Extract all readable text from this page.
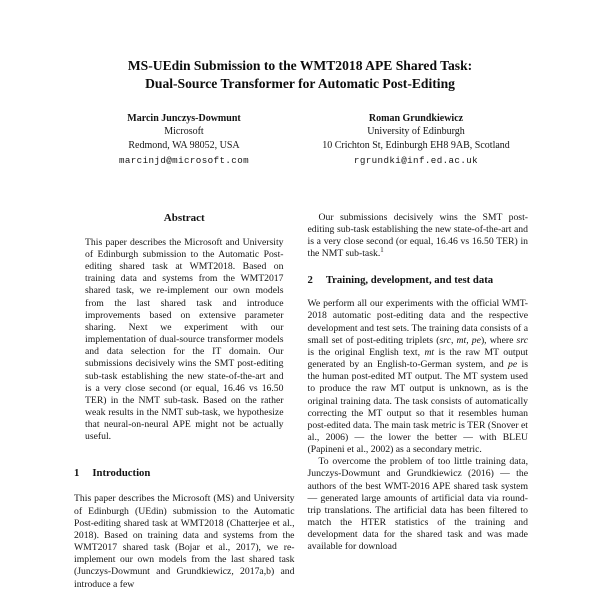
MS-UEdin Submission to the WMT2018 APE Shared Task:
Dual-Source Transformer for Automatic Post-Editing
Marcin Junczys-Dowmunt
Microsoft
Redmond, WA 98052, USA
marcinjd@microsoft.com
Roman Grundkiewicz
University of Edinburgh
10 Crichton St, Edinburgh EH8 9AB, Scotland
rgrundki@inf.ed.ac.uk
Abstract

This paper describes the Microsoft and University of Edinburgh submission to the Automatic Post-editing shared task at WMT2018. Based on training data and systems from the WMT2017 shared task, we re-implement our own models from the last shared task and introduce improvements based on extensive parameter sharing. Next we experiment with our implementation of dual-source transformer models and data selection for the IT domain. Our submissions decisively wins the SMT post-editing sub-task establishing the new state-of-the-art and is a very close second (or equal, 16.46 vs 16.50 TER) in the NMT sub-task. Based on the rather weak results in the NMT sub-task, we hypothesize that neural-on-neural APE might not be actually useful.

1 Introduction

This paper describes the Microsoft (MS) and University of Edinburgh (UEdin) submission to the Automatic Post-editing shared task at WMT2018 (Chatterjee et al., 2018). Based on training data and systems from the WMT2017 shared task (Bojar et al., 2017), we re-implement our own models from the last shared task (Junczys-Dowmunt and Grundkiewicz, 2017a,b) and introduce a few

Our submissions decisively wins the SMT post-editing sub-task establishing the new state-of-the-art and is a very close second (or equal, 16.46 vs 16.50 TER) in the NMT sub-task.$^1$

2 Training, development, and test data

We perform all our experiments with the official WMT-2018 automatic post-editing data and the respective development and test sets. The training data consists of a small set of post-editing triplets (src, mt, pe), where src is the original English text, mt is the raw MT output generated by an English-to-German system, and pe is the human post-edited MT output. The MT system used to produce the raw MT output is unknown, as is the original training data. The task consists of automatically correcting the MT output so that it resembles human post-edited data. The main task metric is TER (Snover et al., 2006) — the lower the better — with BLEU (Papineni et al., 2002) as a secondary metric.

To overcome the problem of too little training data, Junczys-Dowmunt and Grundkiewicz (2016) — the authors of the best WMT-2016 APE shared task system — generated large amounts of artificial data via round-trip translations. The artificial data has been filtered to match the HTER statistics of the training and development data for the shared task and was made available for download
